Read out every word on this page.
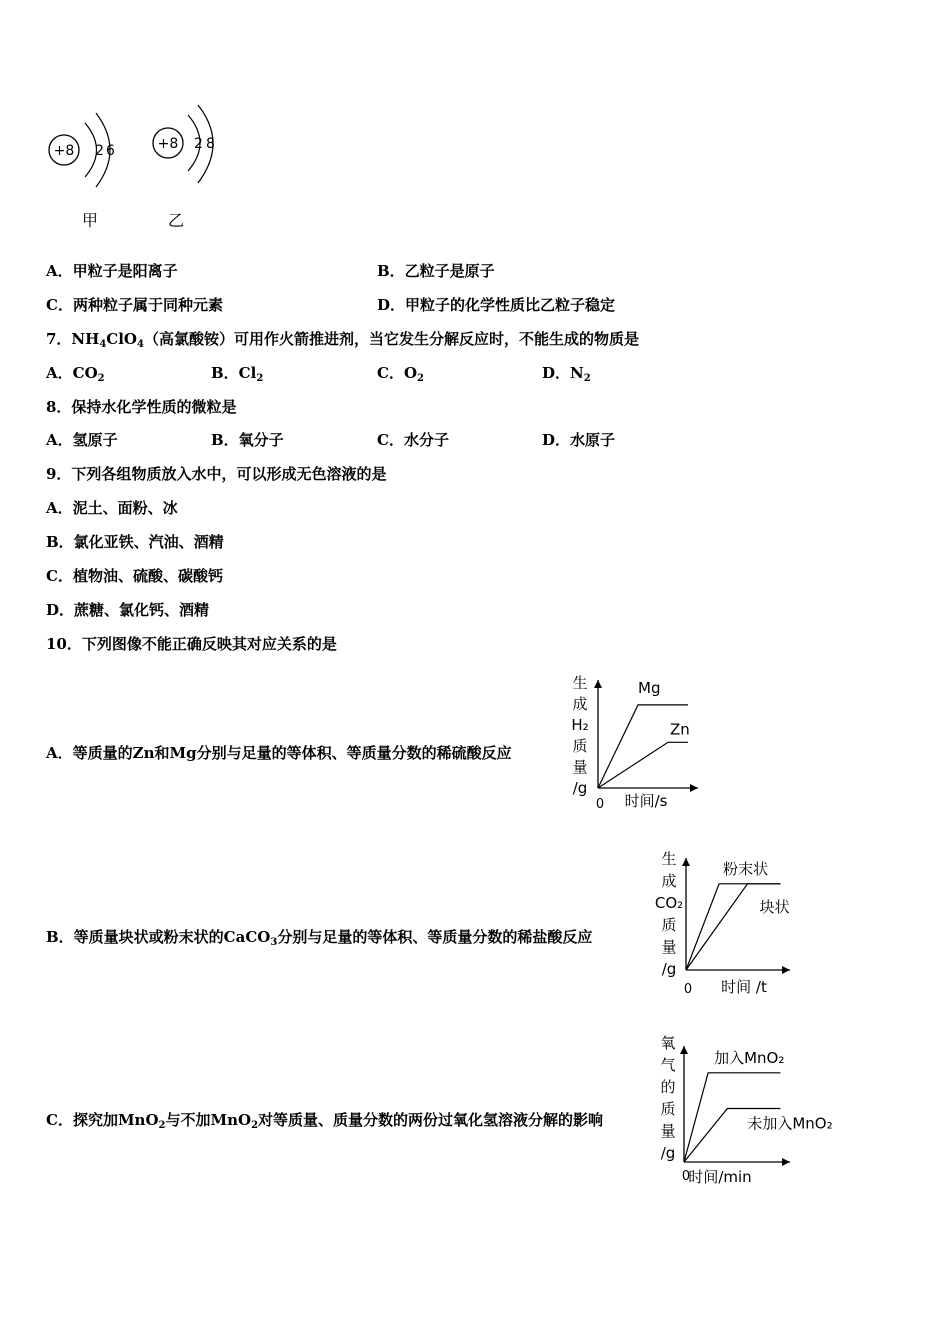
+8 2 6	+8 2 8
甲	乙
A．甲粒子是阳离子	B．乙粒子是原子
C．两种粒子属于同种元素	D．甲粒子的化学性质比乙粒子稳定
7．$NH_4ClO_4$（高氯酸铵）可用作火箭推进剂，当它发生分解反应时，不能生成的物质是
A．$CO_2$	B．$Cl_2$	C．$O_2$	D．$N_2$
8．保持水化学性质的微粒是
A．氢原子	B．氧分子	C．水分子	D．水原子
9．下列各组物质放入水中，可以形成无色溶液的是
A．泥土、面粉、冰
B．氯化亚铁、汽油、酒精
C．植物油、硫酸、碳酸钙
D．蔗糖、氯化钙、酒精
10．下列图像不能正确反映其对应关系的是
A．等质量的Zn和Mg分别与足量的等体积、等质量分数的稀硫酸反应
B．等质量块状或粉末状的CaCO$_3$分别与足量的等体积、等质量分数的稀盐酸反应
C．探究加MnO$_2$与不加MnO$_2$对等质量、质量分数的两份过氧化氢溶液分解的影响
生
成
H₂
质
量
/g
0 时间/s
Mg
Zn
生
成
CO₂
质
量
/g
0 时间 /t
粉末状
块状
氧
气
的
质
量
/g
0
时间/min
加入MnO₂
未加入MnO₂
